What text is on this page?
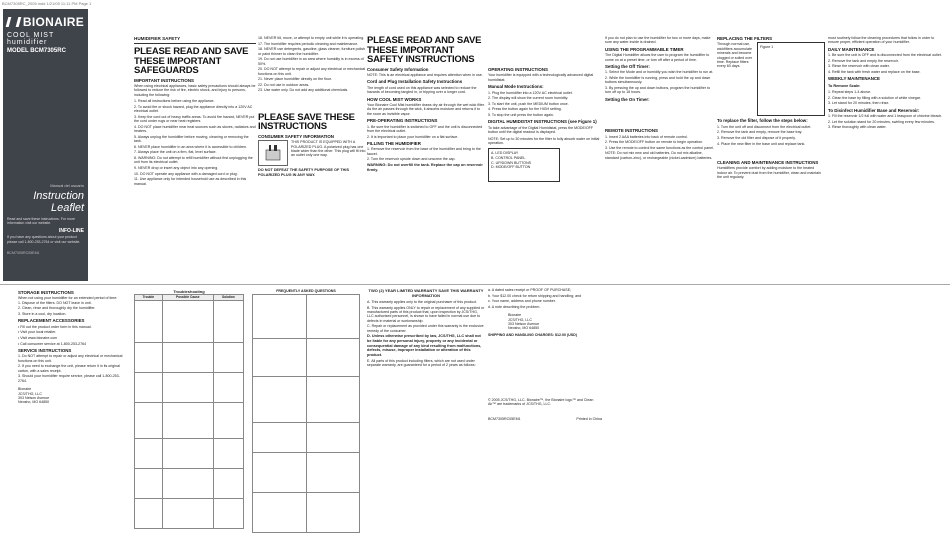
BCM7305RC_2005.indd 1/21/05 11:11 PM Page 1
BIONAIRE
COOL MIST humidifier
MODEL BCM7305RC
Manual del usuario
Instruction Leaflet
Read and save these instructions. For more information visit our website.
INFO-LINE
If you have any questions about your product please call 1-800-253-2764 or visit our website.
BCM7305RC05EM1
HUMIDIFIER SAFETY
PLEASE READ AND SAVE THESE IMPORTANT SAFEGUARDS
IMPORTANT INSTRUCTIONS
When using electrical appliances, basic safety precautions should always be followed to reduce the risk of fire, electric shock, and injury to persons, including the following:

1. Read all instructions before using the appliance.

2. To avoid fire or shock hazard, plug the appliance directly into a 120V AC electrical outlet.

3. Keep the cord out of heavy traffic areas. To avoid fire hazard, NEVER put the cord under rugs or near heat registers.

4. DO NOT place humidifier near heat sources such as stoves, radiators and heaters.

5. Always unplug the humidifier before moving, cleaning or removing the tank.

6. NEVER place humidifier in an area where it is accessible to children.

7. Always place the unit on a firm, flat, level surface.

8. WARNING: Do not attempt to refill humidifier without first unplugging the unit from its electrical outlet.

9. NEVER drop or insert any object into any opening.

10. DO NOT operate any appliance with a damaged cord or plug.

11. Use appliance only for intended household use as described in this manual.

16. NEVER tilt, move, or attempt to empty unit while it is operating.

17. The humidifier requires periodic cleaning and maintenance.

18. NEVER use detergents, gasoline, glass cleaner, furniture polish or paint thinner to clean the humidifier.

19. Do not use humidifier in an area where humidity is in excess of 50%.

20. DO NOT attempt to repair or adjust any electrical or mechanical functions on this unit.

21. Never place humidifier directly on the floor.

22. Do not use in outdoor areas.

23. Use water only. Do not add any additional chemicals.

PLEASE SAVE THESE INSTRUCTIONS
CONSUMER SAFETY INFORMATION
THIS PRODUCT IS EQUIPPED WITH A POLARIZED PLUG. A polarized plug has one blade wider than the other. This plug will fit into an outlet only one way.
DO NOT DEFEAT THE SAFETY PURPOSE OF THIS POLARIZED PLUG IN ANY WAY.
PLEASE READ AND SAVE THESE IMPORTANT SAFETY INSTRUCTIONS
Consumer Safety Information
NOTE: This is an electrical appliance and requires attention when in use.
Cord and Plug Installation Safety Instructions
The length of cord used on this appliance was selected to reduce the hazards of becoming tangled in, or tripping over a longer cord.
HOW COOL MIST WORKS
Your Bionaire Cool Mist humidifier draws dry air through the wet wick filter. As the air passes through the wick, it absorbs moisture and returns it to the room as invisible vapor.
PRE-OPERATING INSTRUCTIONS

1. Be sure the humidifier is switched to OFF and the unit is disconnected from the electrical outlet.

2. It is important to place your humidifier on a flat surface.

FILLING THE HUMIDIFIER

1. Remove the reservoir from the base of the humidifier and bring to the faucet.

2. Turn the reservoir upside down and unscrew the cap.

WARNING: Do not overfill the tank. Replace the cap on reservoir firmly.
OPERATING INSTRUCTIONS
Your humidifier is equipped with a technologically advanced digital humidistat.
Manual Mode Instructions:

1. Plug the humidifier into a 120V AC electrical outlet.

2. The display will show the current room humidity.

3. To start the unit, push the MEDIUM button once.

4. Press the button again for the HIGH setting.

5. To stop the unit press the button again.

DIGITAL HUMIDISTAT INSTRUCTIONS (see Figure 1)
To take advantage of the Digital Humidistat, press the MODE/OFF button until the digital readout is displayed.
NOTE: Set up to 30 minutes for the filter to fully absorb water on initial operation.
A. LED DISPLAY
B. CONTROL PANEL
C. UP/DOWN BUTTONS
D. MODE/OFF BUTTON
If you do not plan to use the humidifier for two or more days, make sure any water inside is drained.
USING THE PROGRAMMABLE TIMER
The Digital Humidifier allows the user to program the humidifier to come on at a preset time, or turn off after a period of time.
Setting the Off Timer:

1. Select the Mode and or humidity you wish the humidifier to run at.

2. While the humidifier is running, press and hold the up and down buttons simultaneously.

3. By pressing the up and down buttons, program the humidifier to turn off up to 18 hours.

Setting the On Timer:
REMOTE INSTRUCTIONS

1. Insert 2 AAA batteries into back of remote control.

2. Press the MODE/OFF button on remote to begin operation.

3. Use the remote to control the same functions as the control panel.

NOTE: Do not mix new and old batteries. Do not mix alkaline, standard (carbon-zinc), or rechargeable (nickel-cadmium) batteries.
REPLACING THE FILTERS
Through normal use, wickfilters accumulate minerals and become clogged or soiled over time. Replace filters every 60 days.
Figure 1
To replace the filter, follow the steps below:

1. Turn the unit off and disconnect from the electrical outlet.

2. Remove the tank and empty, remove the base tray.

3. Remove the old filter and dispose of it properly.

4. Place the new filter in the base unit and replace tank.

CLEANING AND MAINTENANCE INSTRUCTIONS
Humidifiers provide comfort by adding moisture to the heated indoor air. To prevent dust from the humidifier, clean and maintain the unit regularly.
must routinely follow the cleaning procedures that follow in order to ensure proper, efficient operation of your humidifier.
DAILY MAINTENANCE

1. Be sure the unit is OFF and is disconnected from the electrical outlet.

2. Remove the tank and empty the reservoir.

3. Rinse the reservoir with clean water.

4. Refill the tank with fresh water and replace on the base.

WEEKLY MAINTENANCE
To Remove Scale:

1. Repeat steps 1-4 above.

2. Clean the base by filling with a solution of white vinegar.

3. Let stand for 20 minutes, then rinse.

To Disinfect Humidifier Base and Reservoir:

1. Fill the reservoir 1/2 full with water and 1 teaspoon of chlorine bleach.

2. Let the solution stand for 20 minutes, swirling every few minutes.

3. Rinse thoroughly with clean water.

STORAGE INSTRUCTIONS
When not using your humidifier for an extended period of time:

1. Dispose of the filters. DO NOT leave in unit.

2. Clean, rinse and thoroughly dry the humidifier.

3. Store in a cool, dry location.

REPLACEMENT ACCESSORIES

• Fill out the product order form in this manual.

• Visit your local retailer.

• Visit www.bionaire.com

• Call consumer service at 1-800-253-2764

SERVICE INSTRUCTIONS

1. Do NOT attempt to repair or adjust any electrical or mechanical functions on this unit.

2. If you need to exchange the unit, please return it in its original carton, with a sales receipt.

3. Should your humidifier require service, please call 1-800-253-2764.

Bionaire
JCS/THG, LLC
303 Nelson Avenue
Neosho, MO 64850
Troubleshooting
Trouble	Possible Cause	Solution

FREQUENTLY ASKED QUESTIONS

		TWO (2) YEAR LIMITED WARRANTY SAVE THIS WARRANTY INFORMATION

A. This warranty applies only to the original purchaser of this product.

B. This warranty applies ONLY to repair or replacement of any supplied or manufactured parts of this product that, upon inspection by JCS/THG, LLC authorized personnel, is shown to have failed in normal use due to defects in material or workmanship.

C. Repair or replacement as provided under this warranty is the exclusive remedy of the consumer.

D. Unless otherwise prescribed by law, JCS/THG, LLC shall not be liable for any personal injury, property or any incidental or consequential damage of any kind resulting from malfunctions, defects, misuse, improper installation or alteration of this product.

E. All parts of this product including filters, which are not used under separate warranty, are guaranteed for a period of 2 years as follows:

a. A dated sales receipt or PROOF OF PURCHASE;

b. Your $12.00 check for return shipping and handling; and

c. Your name, address and phone number.

d. A note describing the problem.

Bionaire
JCS/THG, LLC
303 Nelson Avenue
Neosho, MO 64850
SHIPPING AND HANDLING CHARGES: $12.00 (USD)
© 2005 JCS/THG, LLC. Bionaire™, the Bionaire logo™ and Clean Air™ are trademarks of JCS/THG, LLC.
BCM7305RC05EM1	Printed in China
